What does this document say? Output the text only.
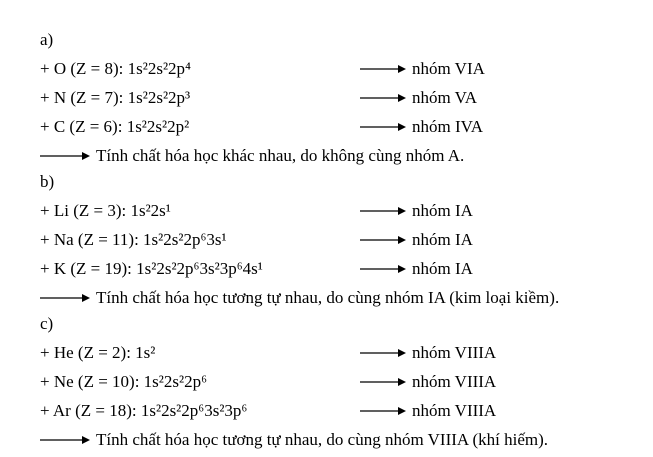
a)
+ O (Z = 8): 1s²2s²2p⁴	nhóm VIA
+ N (Z = 7): 1s²2s²2p³	nhóm VA
+ C (Z = 6): 1s²2s²2p²	nhóm IVA
Tính chất hóa học khác nhau, do không cùng nhóm A.
b)
+ Li (Z = 3): 1s²2s¹	nhóm IA
+ Na (Z = 11): 1s²2s²2p⁶3s¹	nhóm IA
+ K (Z = 19): 1s²2s²2p⁶3s²3p⁶4s¹	nhóm IA
Tính chất hóa học tương tự nhau, do cùng nhóm IA (kim loại kiềm).
c)
+ He (Z = 2): 1s²	nhóm VIIIA
+ Ne (Z = 10): 1s²2s²2p⁶	nhóm VIIIA
+ Ar (Z = 18): 1s²2s²2p⁶3s²3p⁶	nhóm VIIIA
Tính chất hóa học tương tự nhau, do cùng nhóm VIIIA (khí hiếm).
